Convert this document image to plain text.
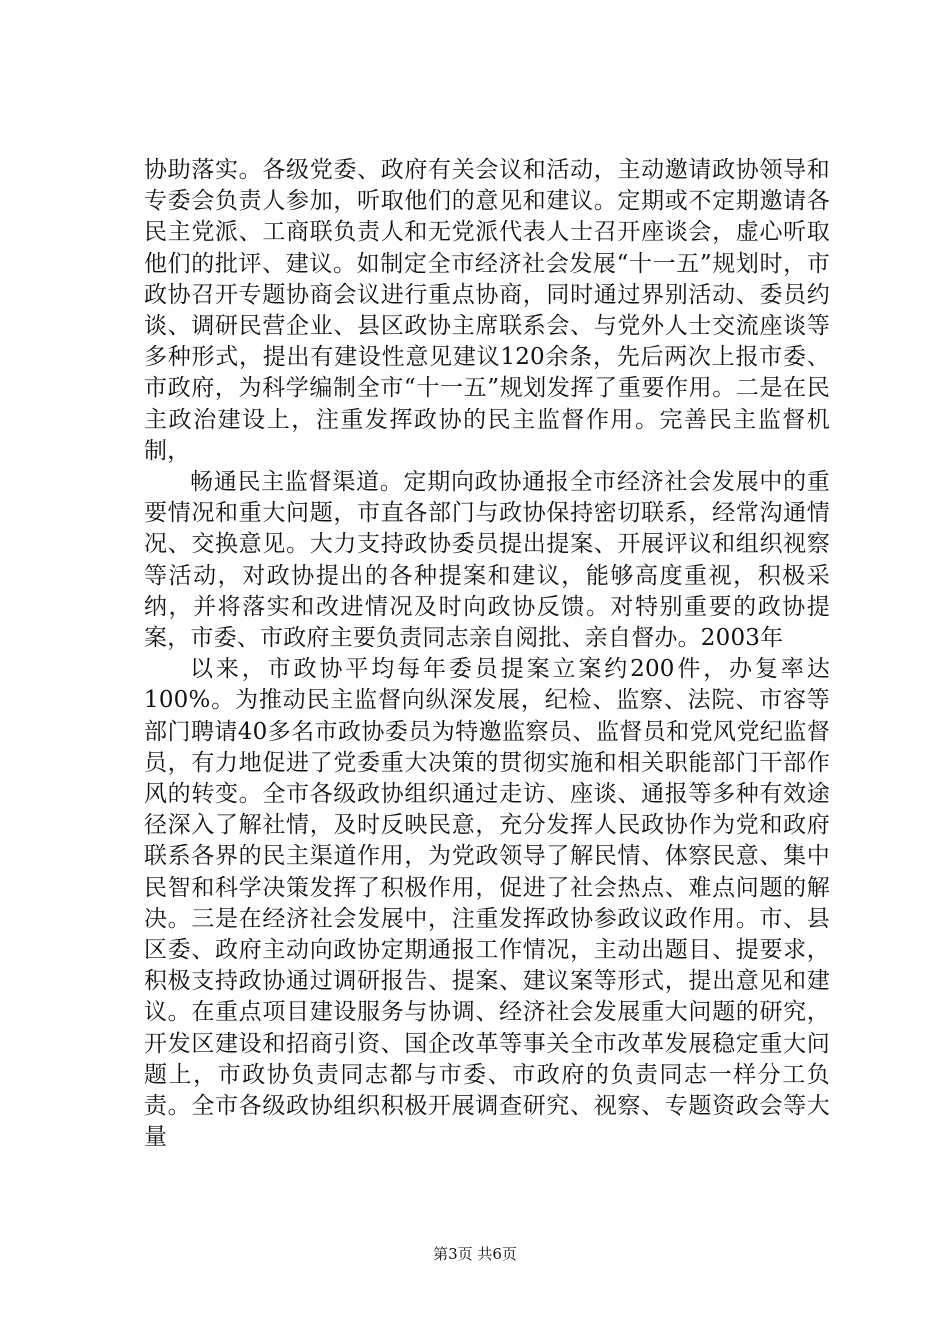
协助落实。各级党委、政府有关会议和活动，主动邀请政协领导和专委会负责人参加，听取他们的意见和建议。定期或不定期邀请各民主党派、工商联负责人和无党派代表人士召开座谈会，虚心听取他们的批评、建议。如制定全市经济社会发展“十一五”规划时，市政协召开专题协商会议进行重点协商，同时通过界别活动、委员约谈、调研民营企业、县区政协主席联系会、与党外人士交流座谈等多种形式，提出有建设性意见建议120余条，先后两次上报市委、市政府，为科学编制全市“十一五”规划发挥了重要作用。二是在民主政治建设上，注重发挥政协的民主监督作用。完善民主监督机制，

畅通民主监督渠道。定期向政协通报全市经济社会发展中的重要情况和重大问题，市直各部门与政协保持密切联系，经常沟通情况、交换意见。大力支持政协委员提出提案、开展评议和组织视察等活动，对政协提出的各种提案和建议，能够高度重视，积极采纳，并将落实和改进情况及时向政协反馈。对特别重要的政协提案，市委、市政府主要负责同志亲自阅批、亲自督办。2003年

以来，市政协平均每年委员提案立案约200件，办复率达100%。为推动民主监督向纵深发展，纪检、监察、法院、市容等部门聘请40多名市政协委员为特邀监察员、监督员和党风党纪监督员，有力地促进了党委重大决策的贯彻实施和相关职能部门干部作风的转变。全市各级政协组织通过走访、座谈、通报等多种有效途径深入了解社情，及时反映民意，充分发挥人民政协作为党和政府联系各界的民主渠道作用，为党政领导了解民情、体察民意、集中民智和科学决策发挥了积极作用，促进了社会热点、难点问题的解决。三是在经济社会发展中，注重发挥政协参政议政作用。市、县区委、政府主动向政协定期通报工作情况，主动出题目、提要求，积极支持政协通过调研报告、提案、建议案等形式，提出意见和建议。在重点项目建设服务与协调、经济社会发展重大问题的研究，开发区建设和招商引资、国企改革等事关全市改革发展稳定重大问题上，市政协负责同志都与市委、市政府的负责同志一样分工负责。全市各级政协组织积极开展调查研究、视察、专题资政会等大量

第3页 共6页
